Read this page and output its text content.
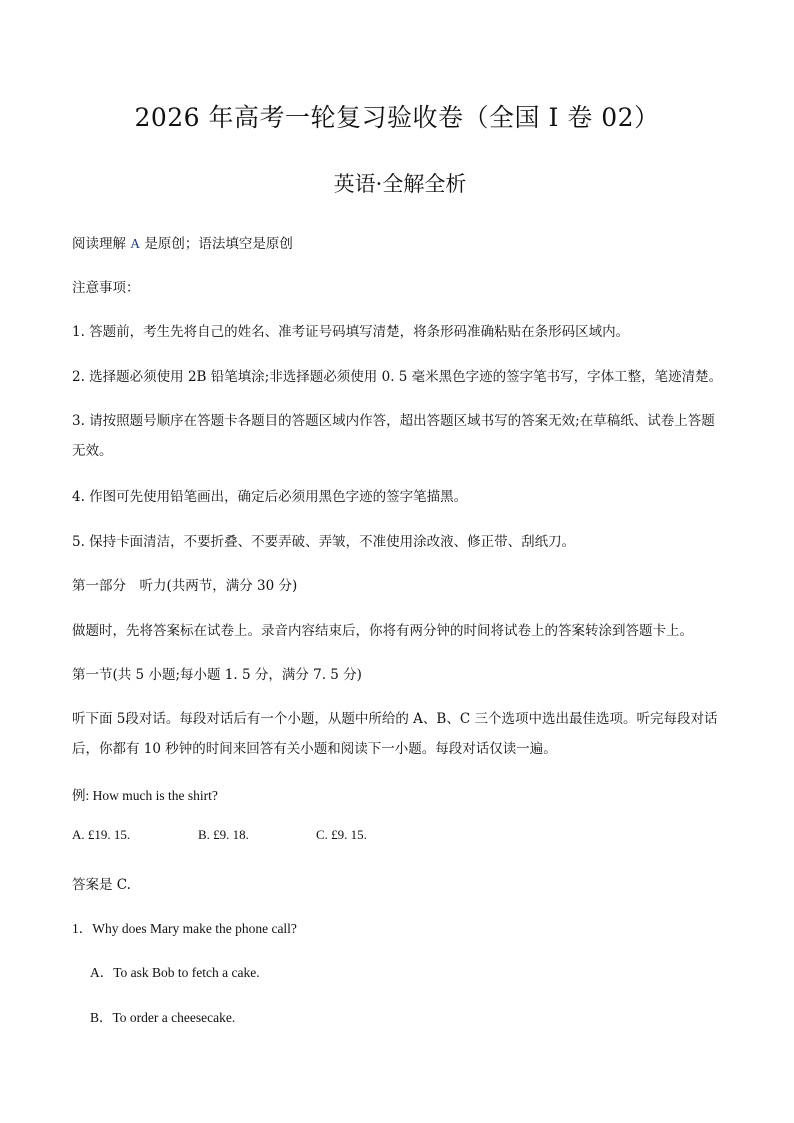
2026 年高考一轮复习验收卷（全国 I 卷 02）
英语·全解全析

阅读理解 A 是原创；语法填空是原创

注意事项：

1. 答题前，考生先将自己的姓名、准考证号码填写清楚，将条形码准确粘贴在条形码区域内。

2. 选择题必须使用 2B 铅笔填涂;非选择题必须使用 0. 5 毫米黑色字迹的签字笔书写，字体工整，笔迹清楚。

3. 请按照题号顺序在答题卡各题目的答题区域内作答，超出答题区域书写的答案无效;在草稿纸、试卷上答题无效。

4. 作图可先使用铅笔画出，确定后必须用黑色字迹的签字笔描黑。

5. 保持卡面清洁，不要折叠、不要弄破、弄皱，不准使用涂改液、修正带、刮纸刀。

第一部分　听力(共两节，满分 30 分)

做题时，先将答案标在试卷上。录音内容结束后，你将有两分钟的时间将试卷上的答案转涂到答题卡上。

第一节(共 5 小题;每小题 1. 5 分，满分 7. 5 分)

听下面 5段对话。每段对话后有一个小题，从题中所给的 A、B、C 三个选项中选出最佳选项。听完每段对话后，你都有 10 秒钟的时间来回答有关小题和阅读下一小题。每段对话仅读一遍。

例: How much is the shirt?

A. £19. 15.	B. £9. 18.	C. £9. 15.

答案是 C.

1．Why does Mary make the phone call?

A．To ask Bob to fetch a cake.

B．To order a cheesecake.
